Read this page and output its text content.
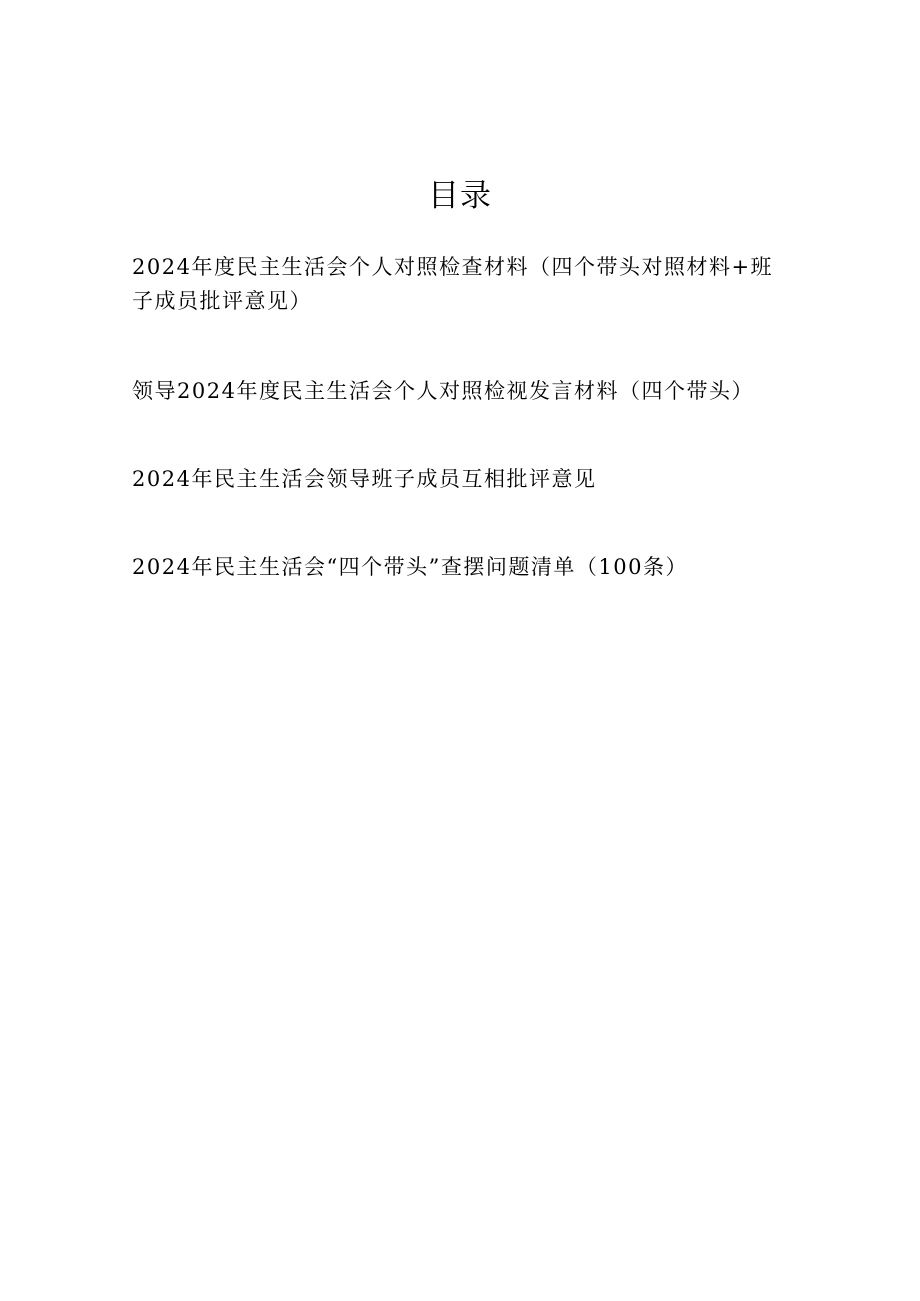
目录
2024年度民主生活会个人对照检查材料（四个带头对照材料+班子成员批评意见）
领导2024年度民主生活会个人对照检视发言材料（四个带头）
2024年民主生活会领导班子成员互相批评意见
2024年民主生活会“四个带头”查摆问题清单（100条）
